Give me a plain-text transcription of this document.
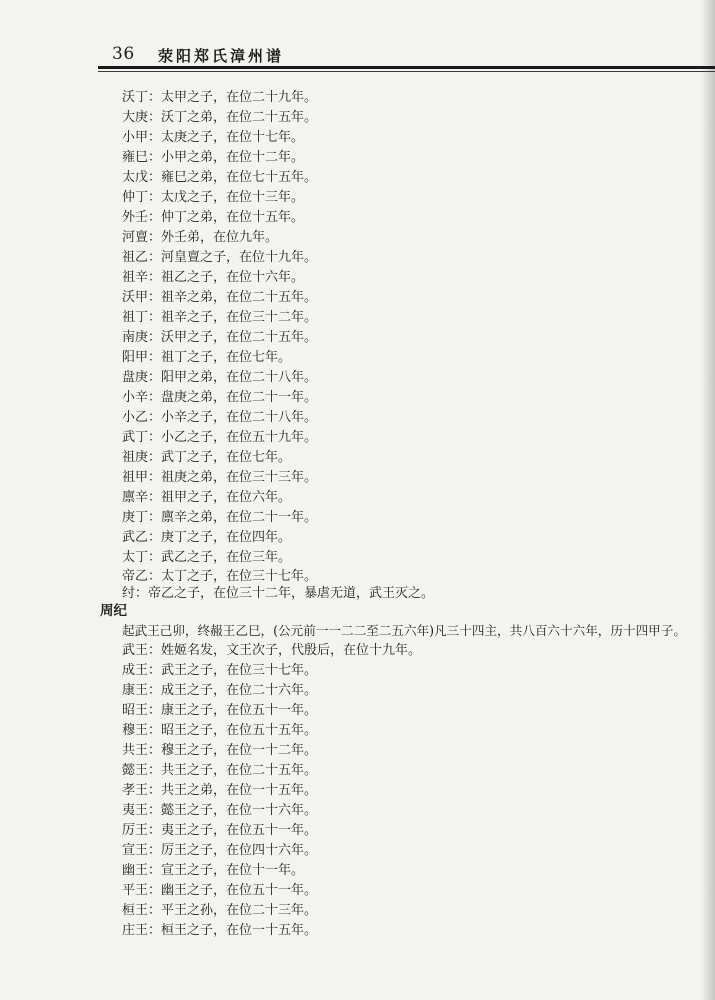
36 荥阳郑氏漳州谱
沃丁：太甲之子，在位二十九年。
大庚：沃丁之弟，在位二十五年。
小甲：太庚之子，在位十七年。
雍巳：小甲之弟，在位十二年。
太戊：雍巳之弟，在位七十五年。
仲丁：太戊之子，在位十三年。
外壬：仲丁之弟，在位十五年。
河亶：外壬弟，在位九年。
祖乙：河皇亶之子，在位十九年。
祖辛：祖乙之子，在位十六年。
沃甲：祖辛之弟，在位二十五年。
祖丁：祖辛之子，在位三十二年。
南庚：沃甲之子，在位二十五年。
阳甲：祖丁之子，在位七年。
盘庚：阳甲之弟，在位二十八年。
小辛：盘庚之弟，在位二十一年。
小乙：小辛之子，在位二十八年。
武丁：小乙之子，在位五十九年。
祖庚：武丁之子，在位七年。
祖甲：祖庚之弟，在位三十三年。
廪辛：祖甲之子，在位六年。
庚丁：廪辛之弟，在位二十一年。
武乙：庚丁之子，在位四年。
太丁：武乙之子，在位三年。
帝乙：太丁之子，在位三十七年。
纣：帝乙之子，在位三十二年，暴虐无道，武王灭之。
周纪
起武王己卯，终赧王乙巳，(公元前一一二二至二五六年)凡三十四主，共八百六十六年，历十四甲子。
武王：姓姬名发，文王次子，代殷后，在位十九年。
成王：武王之子，在位三十七年。
康王：成王之子，在位二十六年。
昭王：康王之子，在位五十一年。
穆王：昭王之子，在位五十五年。
共王：穆王之子，在位一十二年。
懿王：共王之子，在位二十五年。
孝王：共王之弟，在位一十五年。
夷王：懿王之子，在位一十六年。
厉王：夷王之子，在位五十一年。
宣王：厉王之子，在位四十六年。
幽王：宣王之子，在位十一年。
平王：幽王之子，在位五十一年。
桓王：平王之孙，在位二十三年。
庄王：桓王之子，在位一十五年。
